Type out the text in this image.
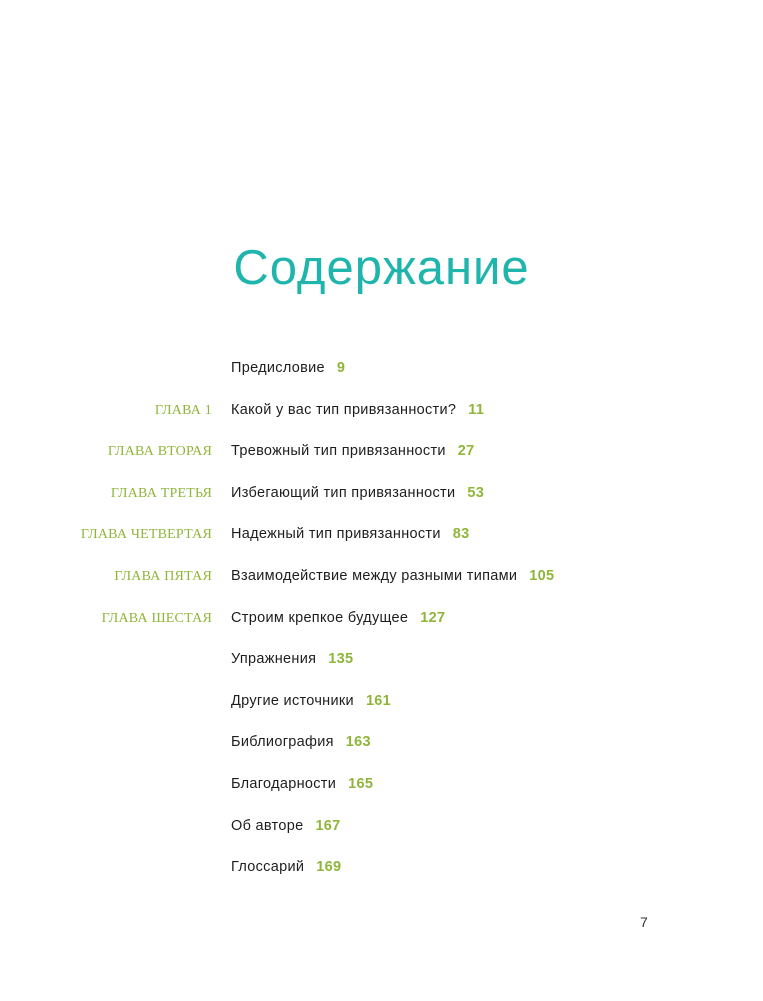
Содержание
Предисловие 9
ГЛАВА 1 Какой у вас тип привязанности? 11
ГЛАВА ВТОРАЯ Тревожный тип привязанности 27
ГЛАВА ТРЕТЬЯ Избегающий тип привязанности 53
ГЛАВА ЧЕТВЕРТАЯ Надежный тип привязанности 83
ГЛАВА ПЯТАЯ Взаимодействие между разными типами 105
ГЛАВА ШЕСТАЯ Строим крепкое будущее 127
Упражнения 135
Другие источники 161
Библиография 163
Благодарности 165
Об авторе 167
Глоссарий 169
7
